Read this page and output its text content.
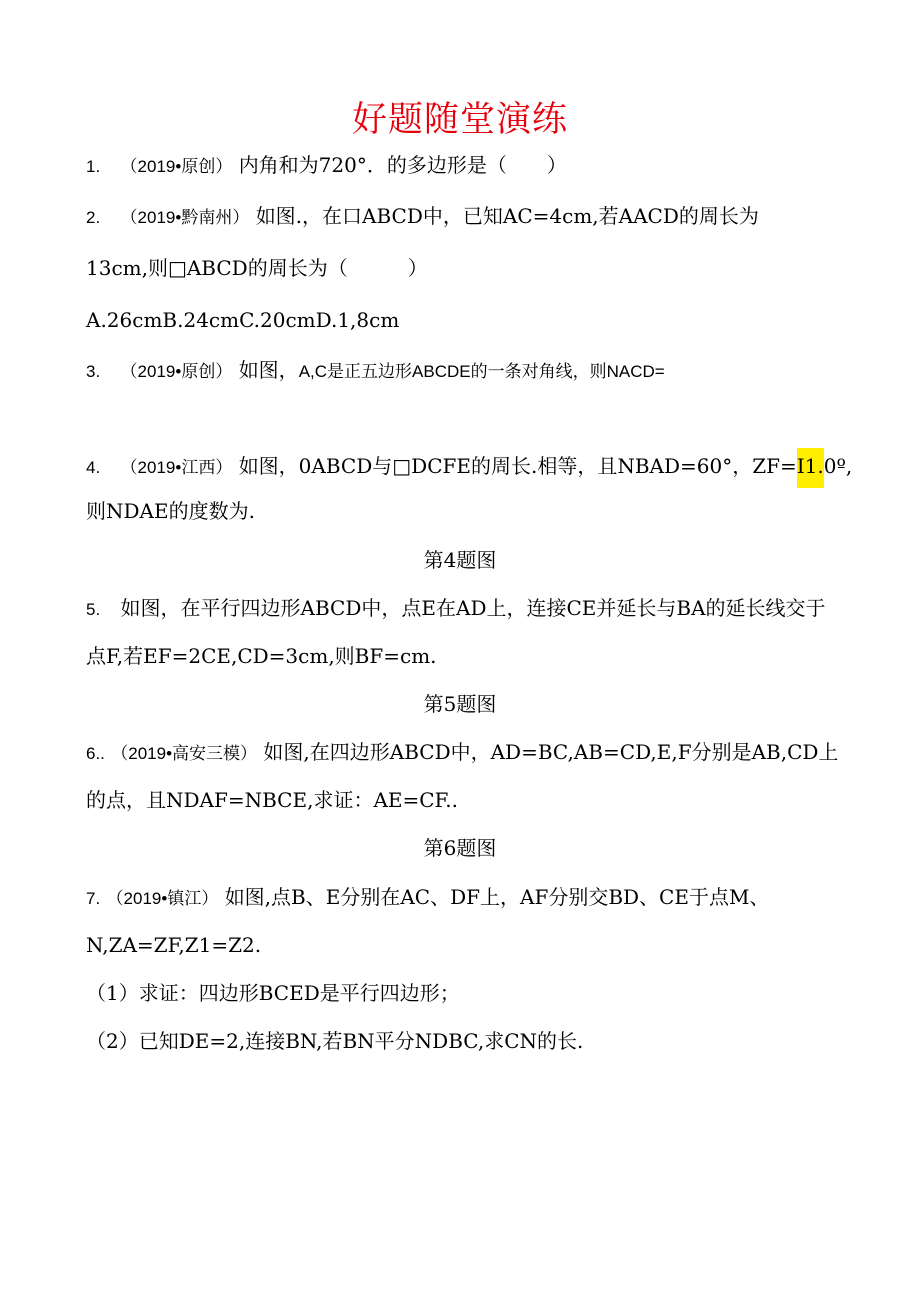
好题随堂演练
1. （2019•原创） 内角和为720°．的多边形是（　　）
2. （2019•黔南州） 如图.，在口ABCD中，已知AC=4cm,若AACD的周长为
13cm,则□ABCD的周长为（　　　）
A.26cmB.24cmC.20cmD.1,8cm
3. （2019•原创） 如图，A,C是正五边形ABCDE的一条对角线，则NACD=
4. （2019•江西） 如图，0ABCD与□DCFE的周长.相等，且NBAD=60°，ZF=I1.0º,
则NDAE的度数为.
第4题图
5. 如图，在平行四边形ABCD中，点E在AD上，连接CE并延长与BA的延长线交于
点F,若EF=2CE,CD=3cm,则BF=cm.
第5题图
6.. （2019•高安三模） 如图,在四边形ABCD中，AD=BC,AB=CD,E,F分别是AB,CD上
的点，且NDAF=NBCE,求证：AE=CF..
第6题图
7. （2019•镇江） 如图,点B、E分别在AC、DF上，AF分别交BD、CE于点M、
N,ZA=ZF,Z1=Z2.
（1）求证：四边形BCED是平行四边形；
（2）已知DE=2,连接BN,若BN平分NDBC,求CN的长.
